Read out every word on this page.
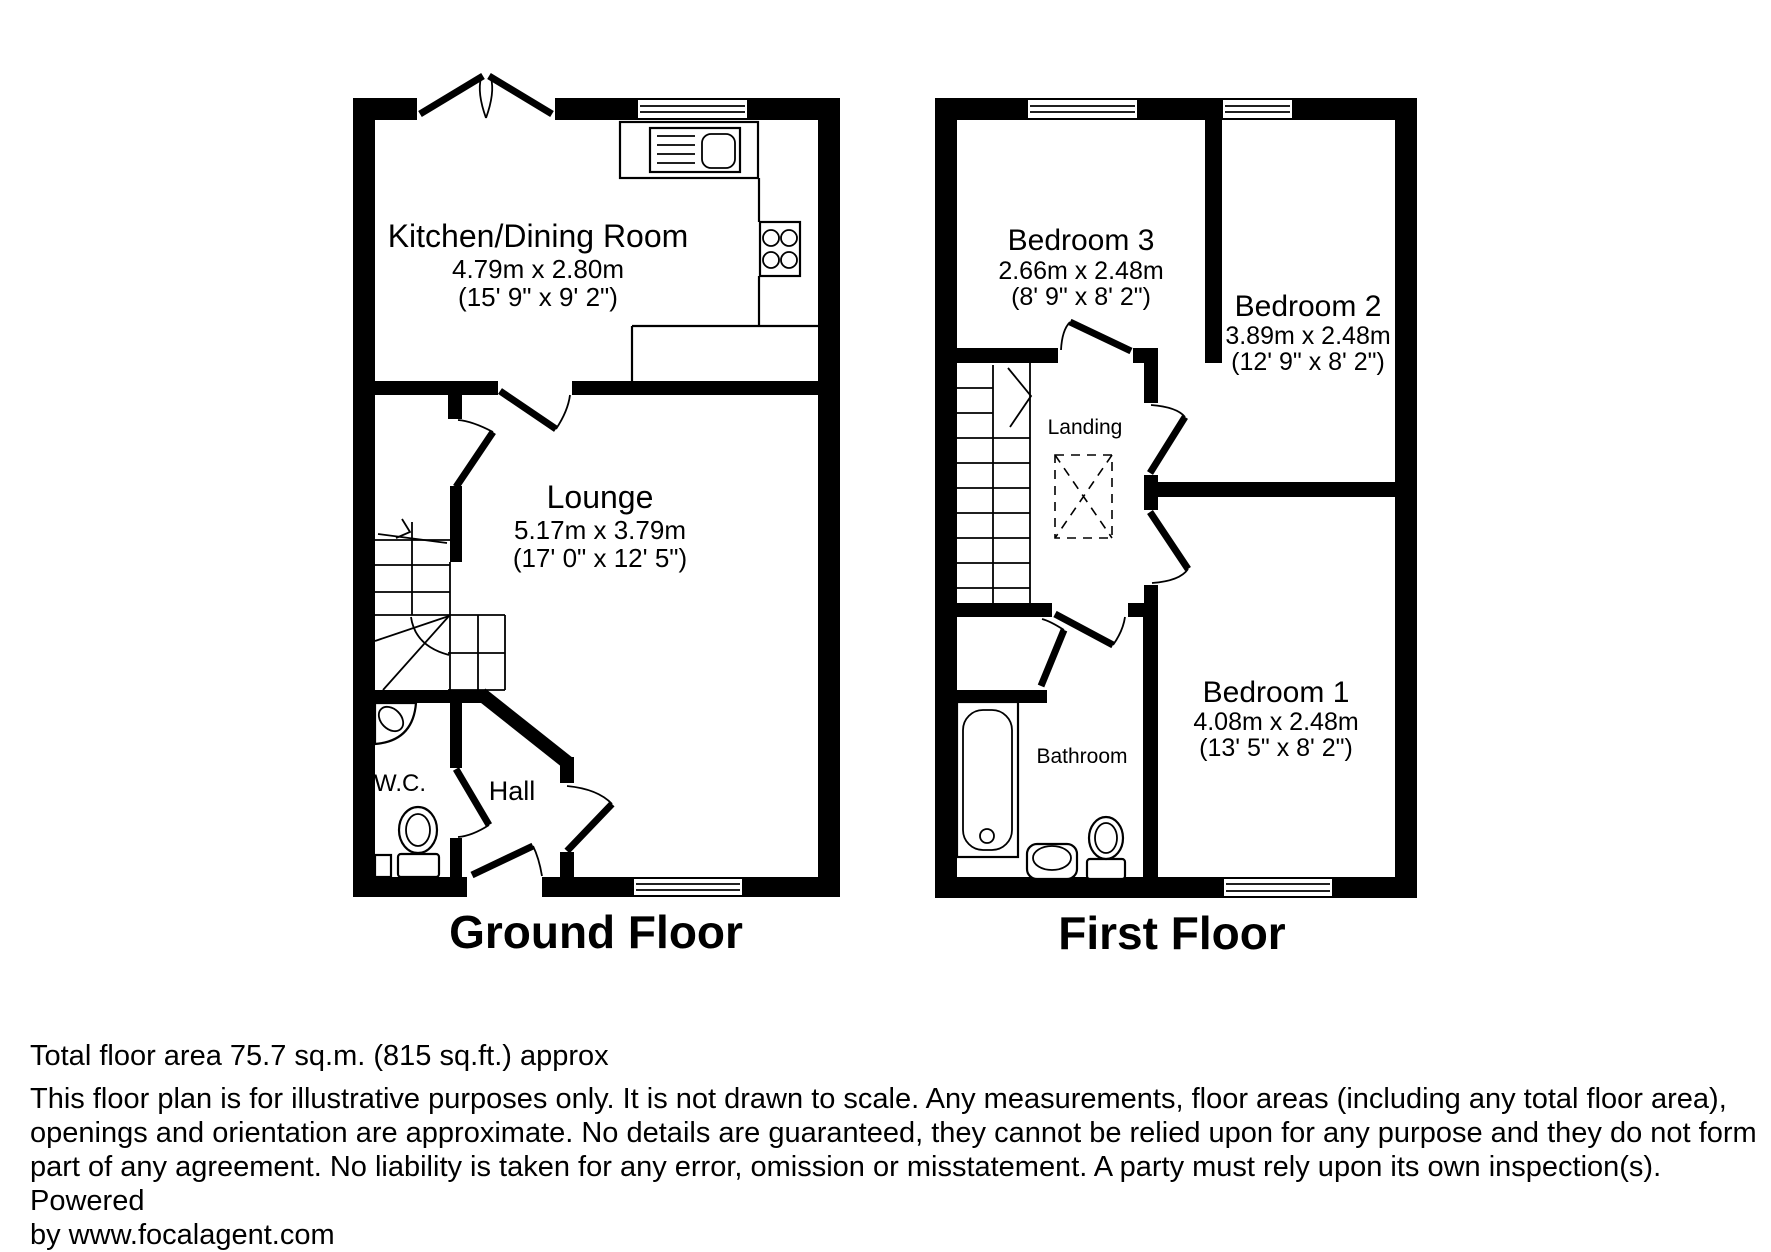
Kitchen/Dining Room
4.79m x 2.80m
(15' 9" x 9' 2")
Lounge
5.17m x 3.79m
(17' 0" x 12' 5")
W.C. Hall
Ground Floor
Bedroom 3
2.66m x 2.48m
(8' 9" x 8' 2")	Bedroom 2
3.89m x 2.48m
(12' 9" x 8' 2")
Bedroom 1
4.08m x 2.48m
(13' 5" x 8' 2")
Landing
Bathroom
First Floor
Total floor area 75.7 sq.m. (815 sq.ft.) approx
This floor plan is for illustrative purposes only. It is not drawn to scale. Any measurements, floor areas (including any total floor area),
openings and orientation are approximate. No details are guaranteed, they cannot be relied upon for any purpose and they do not form
part of any agreement. No liability is taken for any error, omission or misstatement. A party must rely upon its own inspection(s). Powered
by www.focalagent.com
